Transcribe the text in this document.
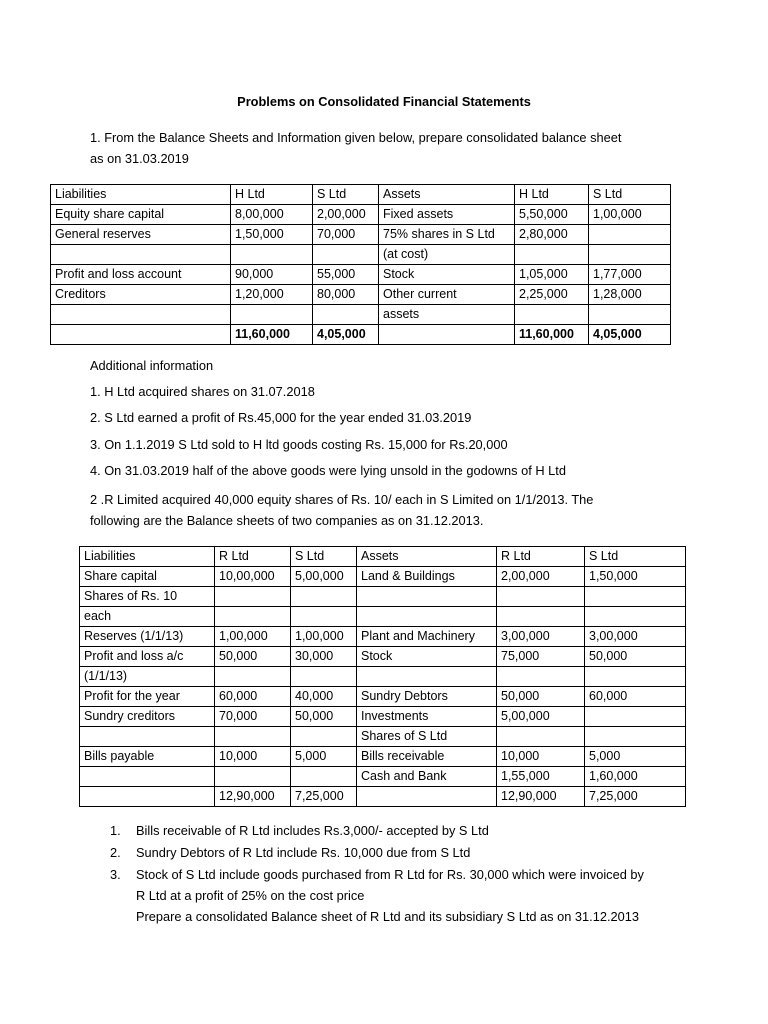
Problems on Consolidated Financial Statements
1. From the Balance Sheets and Information given below, prepare consolidated balance sheet
as on 31.03.2019
Liabilities	H Ltd	S Ltd	Assets	H Ltd	S Ltd
Equity share capital	8,00,000	2,00,000	Fixed assets	5,50,000	1,00,000
General reserves	1,50,000	70,000	75% shares in S Ltd	2,80,000	
			(at cost)		
Profit and loss account	90,000	55,000	Stock	1,05,000	1,77,000
Creditors	1,20,000	80,000	Other current	2,25,000	1,28,000
			assets		
	11,60,000	4,05,000		11,60,000	4,05,000
Additional information
1. H Ltd acquired shares on 31.07.2018
2. S Ltd earned a profit of Rs.45,000 for the year ended 31.03.2019
3. On 1.1.2019 S Ltd sold to H ltd goods costing Rs. 15,000 for Rs.20,000
4. On 31.03.2019 half of the above goods were lying unsold in the godowns of H Ltd
2 .R Limited acquired 40,000 equity shares of Rs. 10/ each in S Limited on 1/1/2013. The
following are the Balance sheets of two companies as on 31.12.2013.
Liabilities	R Ltd	S Ltd	Assets	R Ltd	S Ltd
Share capital	10,00,000	5,00,000	Land & Buildings	2,00,000	1,50,000
Shares of Rs. 10					
each					
Reserves (1/1/13)	1,00,000	1,00,000	Plant and Machinery	3,00,000	3,00,000
Profit and loss a/c	50,000	30,000	Stock	75,000	50,000
(1/1/13)					
Profit for the year	60,000	40,000	Sundry Debtors	50,000	60,000
Sundry creditors	70,000	50,000	Investments	5,00,000	
			Shares of S Ltd		
Bills payable	10,000	5,000	Bills receivable	10,000	5,000
			Cash and Bank	1,55,000	1,60,000
	12,90,000	7,25,000		12,90,000	7,25,000
1. Bills receivable of R Ltd includes Rs.3,000/- accepted by S Ltd
2. Sundry Debtors of R Ltd include Rs. 10,000 due from S Ltd
3. Stock of S Ltd include goods purchased from R Ltd for Rs. 30,000 which were invoiced by
R Ltd at a profit of 25% on the cost price
Prepare a consolidated Balance sheet of R Ltd and its subsidiary S Ltd as on 31.12.2013
